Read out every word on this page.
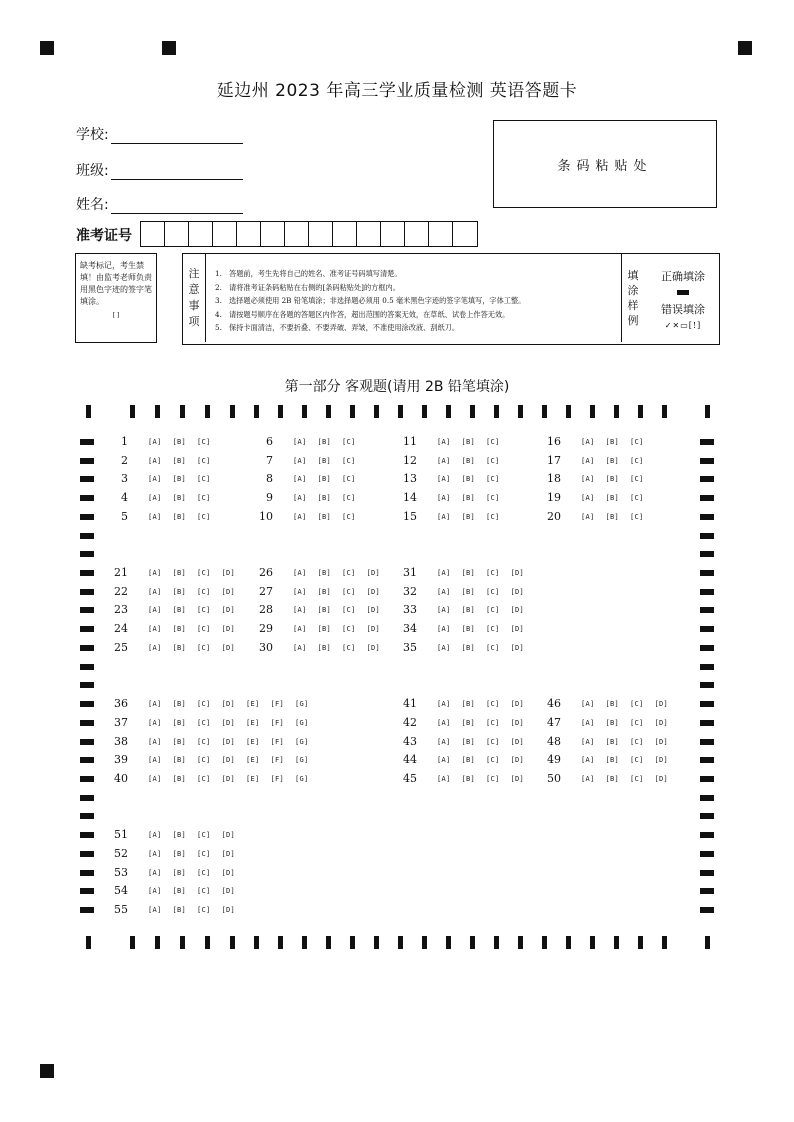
延边州 2023 年高三学业质量检测 英语答题卡
学校:
班级:
姓名:
条码粘贴处
准考证号
缺考标记，考生禁填！由监考老师负责用黑色字迹的签字笔填涂。
[ ]
注
意
事
项
1. 答题前，考生先将自己的姓名、准考证号码填写清楚。
2. 请将准考证条码粘贴在右侧的[条码粘贴处]的方框内。
3. 选择题必须使用 2B 铅笔填涂；非选择题必须用 0.5 毫米黑色字迹的签字笔填写，字体工整。
4. 请按题号顺序在各题的答题区内作答，超出范围的答案无效，在草纸、试卷上作答无效。
5. 保持卡面清洁，不要折叠、不要弄破、弄皱，不准使用涂改液、刮纸刀。
填
涂
样
例
正确填涂
错误填涂
✓✕▭[!]
第一部分 客观题(请用 2B 铅笔填涂)
1	[A] [B] [C]
2	[A] [B] [C]
3	[A] [B] [C]
4	[A] [B] [C]
5	[A] [B] [C]
6	[A] [B] [C]
7	[A] [B] [C]
8	[A] [B] [C]
9	[A] [B] [C]
10	[A] [B] [C]
11	[A] [B] [C]
12	[A] [B] [C]
13	[A] [B] [C]
14	[A] [B] [C]
15	[A] [B] [C]
16	[A] [B] [C]
17	[A] [B] [C]
18	[A] [B] [C]
19	[A] [B] [C]
20	[A] [B] [C]
21	[A] [B] [C] [D]
22	[A] [B] [C] [D]
23	[A] [B] [C] [D]
24	[A] [B] [C] [D]
25	[A] [B] [C] [D]
26	[A] [B] [C] [D]
27	[A] [B] [C] [D]
28	[A] [B] [C] [D]
29	[A] [B] [C] [D]
30	[A] [B] [C] [D]
31	[A] [B] [C] [D]
32	[A] [B] [C] [D]
33	[A] [B] [C] [D]
34	[A] [B] [C] [D]
35	[A] [B] [C] [D]
36	[A] [B] [C] [D] [E] [F] [G]
37	[A] [B] [C] [D] [E] [F] [G]
38	[A] [B] [C] [D] [E] [F] [G]
39	[A] [B] [C] [D] [E] [F] [G]
40	[A] [B] [C] [D] [E] [F] [G]
41	[A] [B] [C] [D]
42	[A] [B] [C] [D]
43	[A] [B] [C] [D]
44	[A] [B] [C] [D]
45	[A] [B] [C] [D]
46	[A] [B] [C] [D]
47	[A] [B] [C] [D]
48	[A] [B] [C] [D]
49	[A] [B] [C] [D]
50	[A] [B] [C] [D]
51	[A] [B] [C] [D]
52	[A] [B] [C] [D]
53	[A] [B] [C] [D]
54	[A] [B] [C] [D]
55	[A] [B] [C] [D]
